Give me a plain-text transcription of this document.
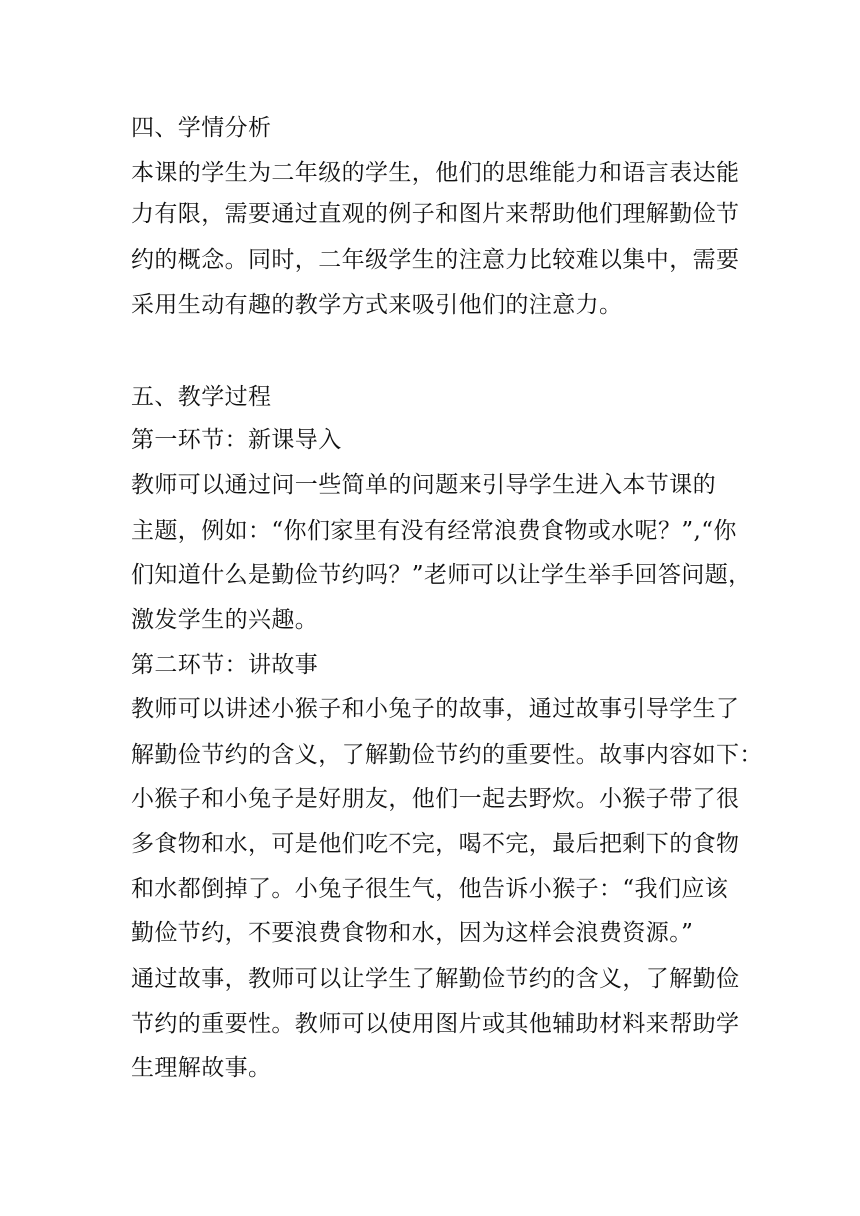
四、学情分析
本课的学生为二年级的学生，他们的思维能力和语言表达能
力有限，需要通过直观的例子和图片来帮助他们理解勤俭节
约的概念。同时，二年级学生的注意力比较难以集中，需要
采用生动有趣的教学方式来吸引他们的注意力。
五、教学过程
第一环节：新课导入
教师可以通过问一些简单的问题来引导学生进入本节课的
主题，例如：“你们家里有没有经常浪费食物或水呢？”,“你
们知道什么是勤俭节约吗？”老师可以让学生举手回答问题，
激发学生的兴趣。
第二环节：讲故事
教师可以讲述小猴子和小兔子的故事，通过故事引导学生了
解勤俭节约的含义，了解勤俭节约的重要性。故事内容如下：
小猴子和小兔子是好朋友，他们一起去野炊。小猴子带了很
多食物和水，可是他们吃不完，喝不完，最后把剩下的食物
和水都倒掉了。小兔子很生气，他告诉小猴子：“我们应该
勤俭节约，不要浪费食物和水，因为这样会浪费资源。”
通过故事，教师可以让学生了解勤俭节约的含义，了解勤俭
节约的重要性。教师可以使用图片或其他辅助材料来帮助学
生理解故事。
